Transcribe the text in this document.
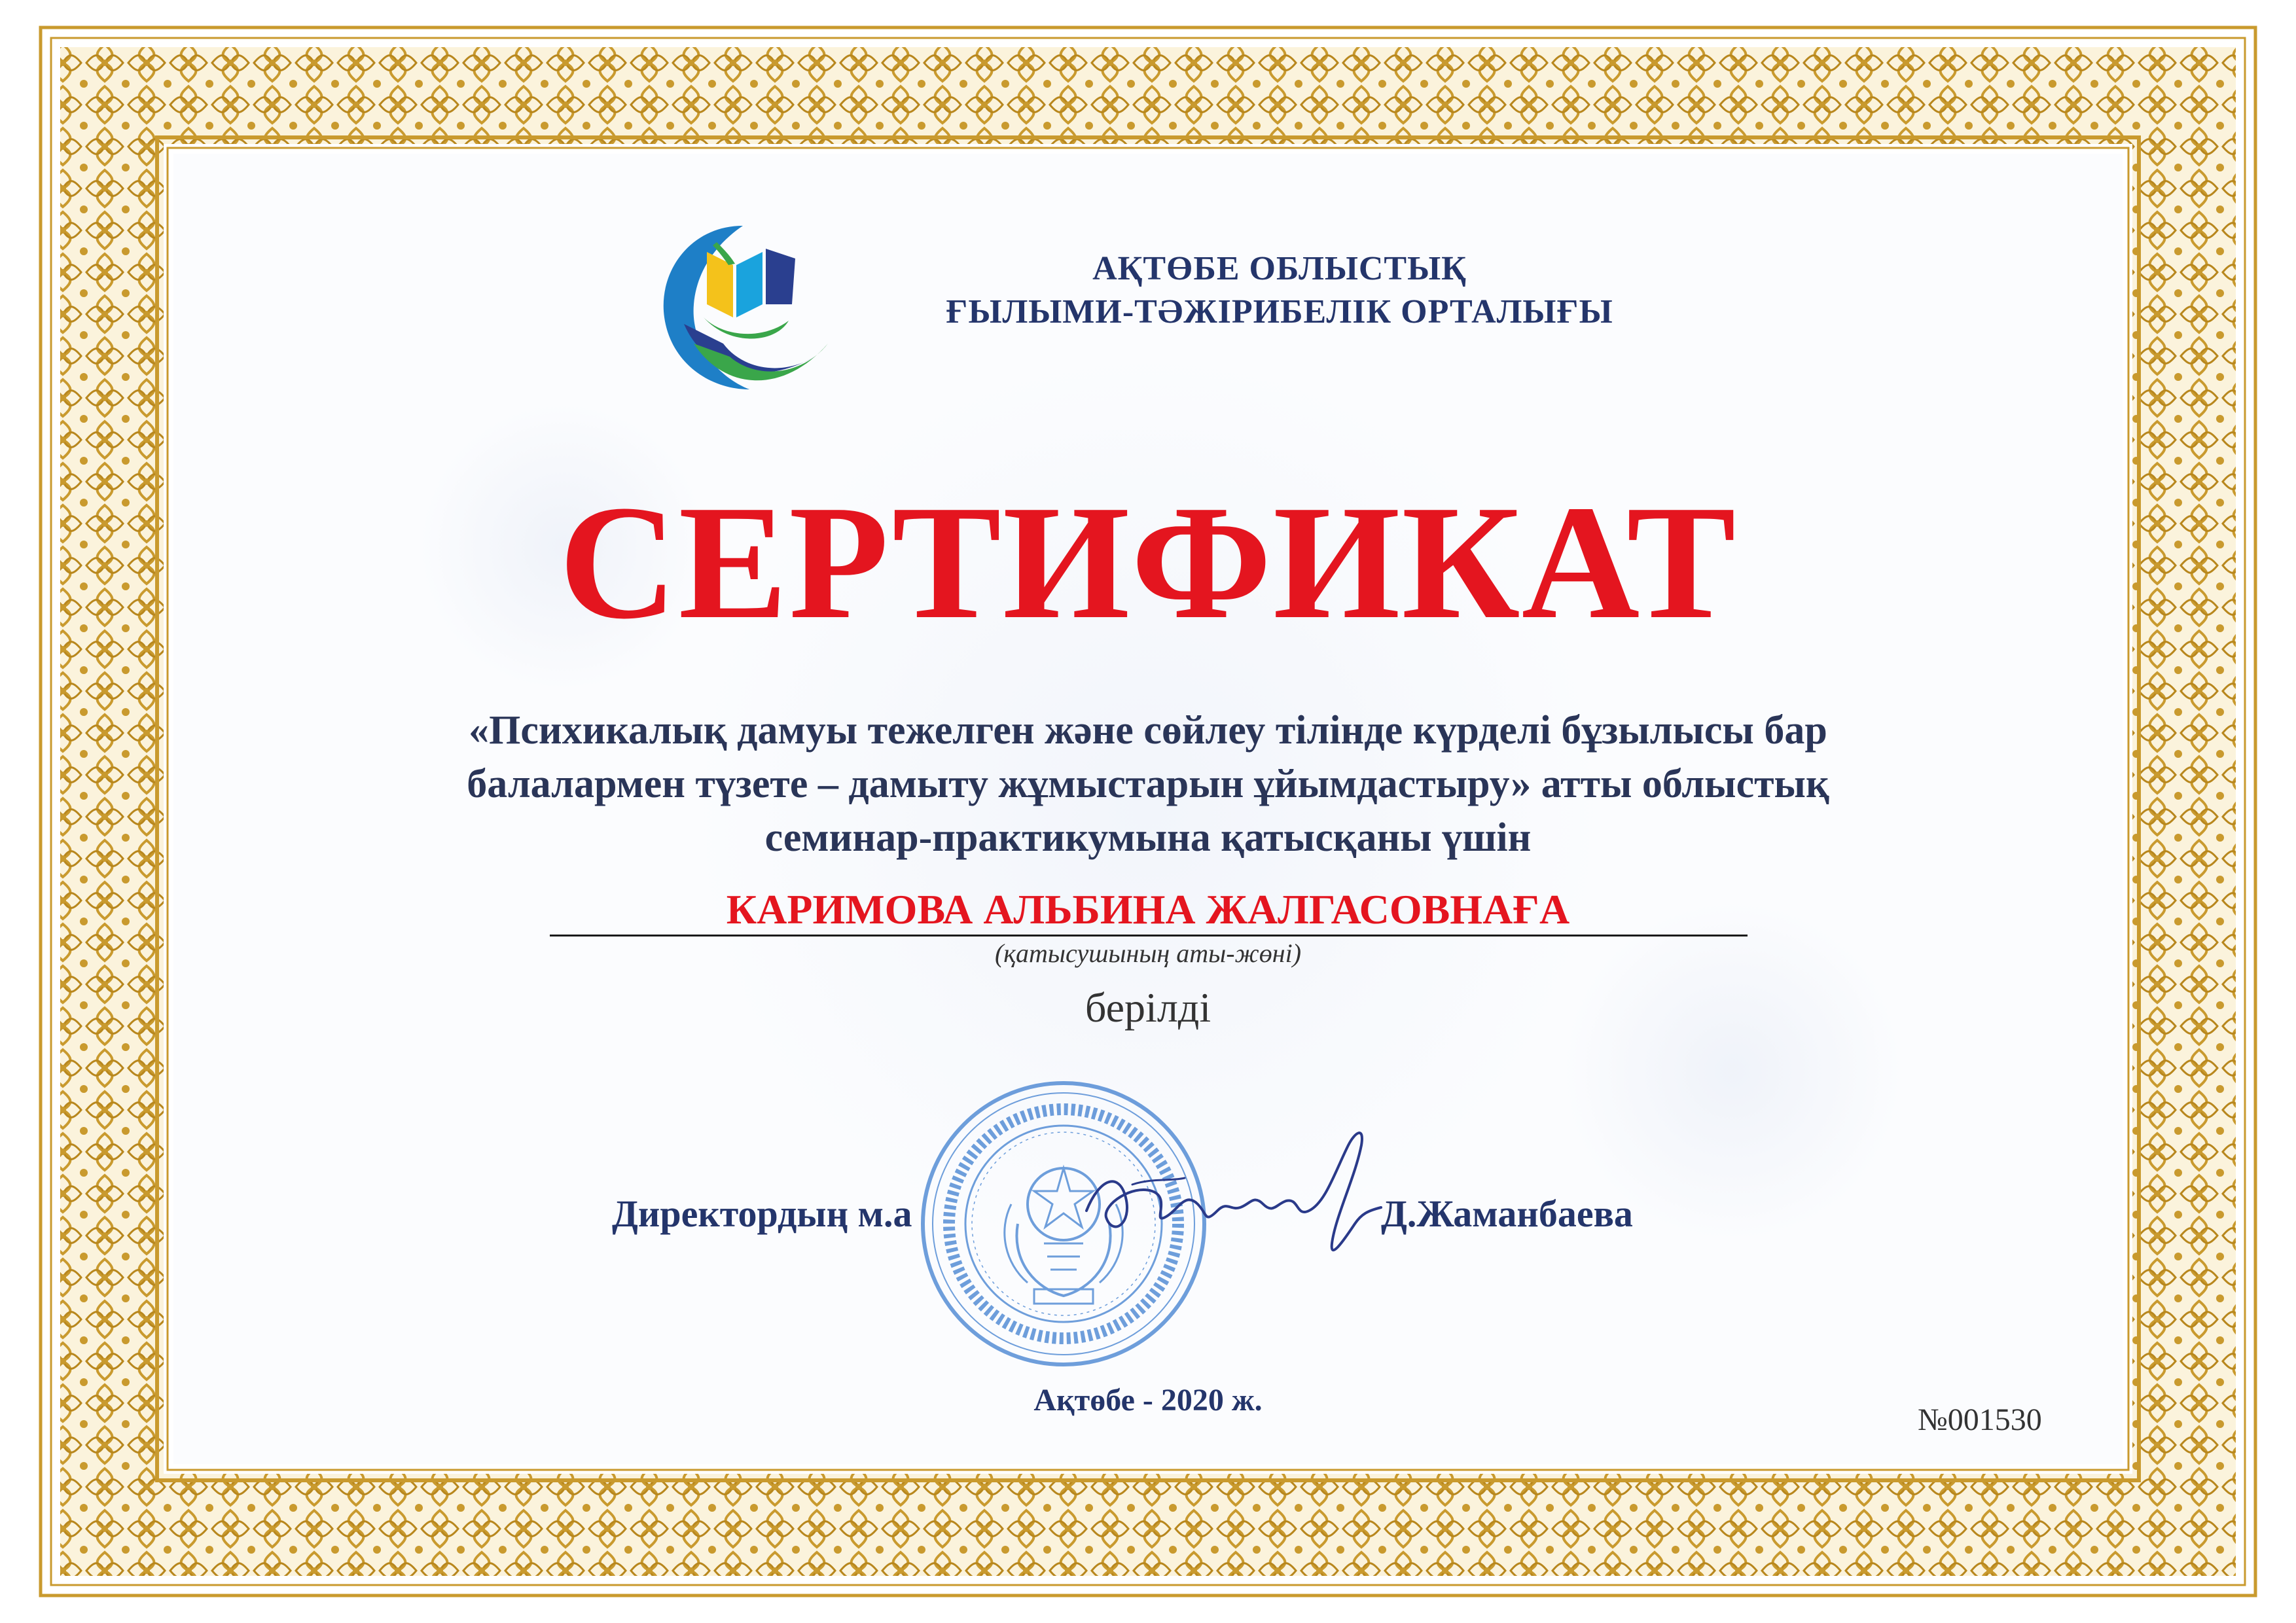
АҚТӨБЕ ОБЛЫСТЫҚ
ҒЫЛЫМИ-ТӘЖІРИБЕЛІК ОРТАЛЫҒЫ
СЕРТИФИКАТ
«Психикалық дамуы тежелген және сөйлеу тілінде күрделі бұзылысы бар
балалармен түзете – дамыту жұмыстарын ұйымдастыру» атты облыстық
семинар-практикумына қатысқаны үшін
КАРИМОВА АЛЬБИНА ЖАЛГАСОВНАҒА
(қатысушының аты-жөні)
берілді
Директордың м.а	Д.Жаманбаева
Ақтөбе - 2020 ж.
№001530
